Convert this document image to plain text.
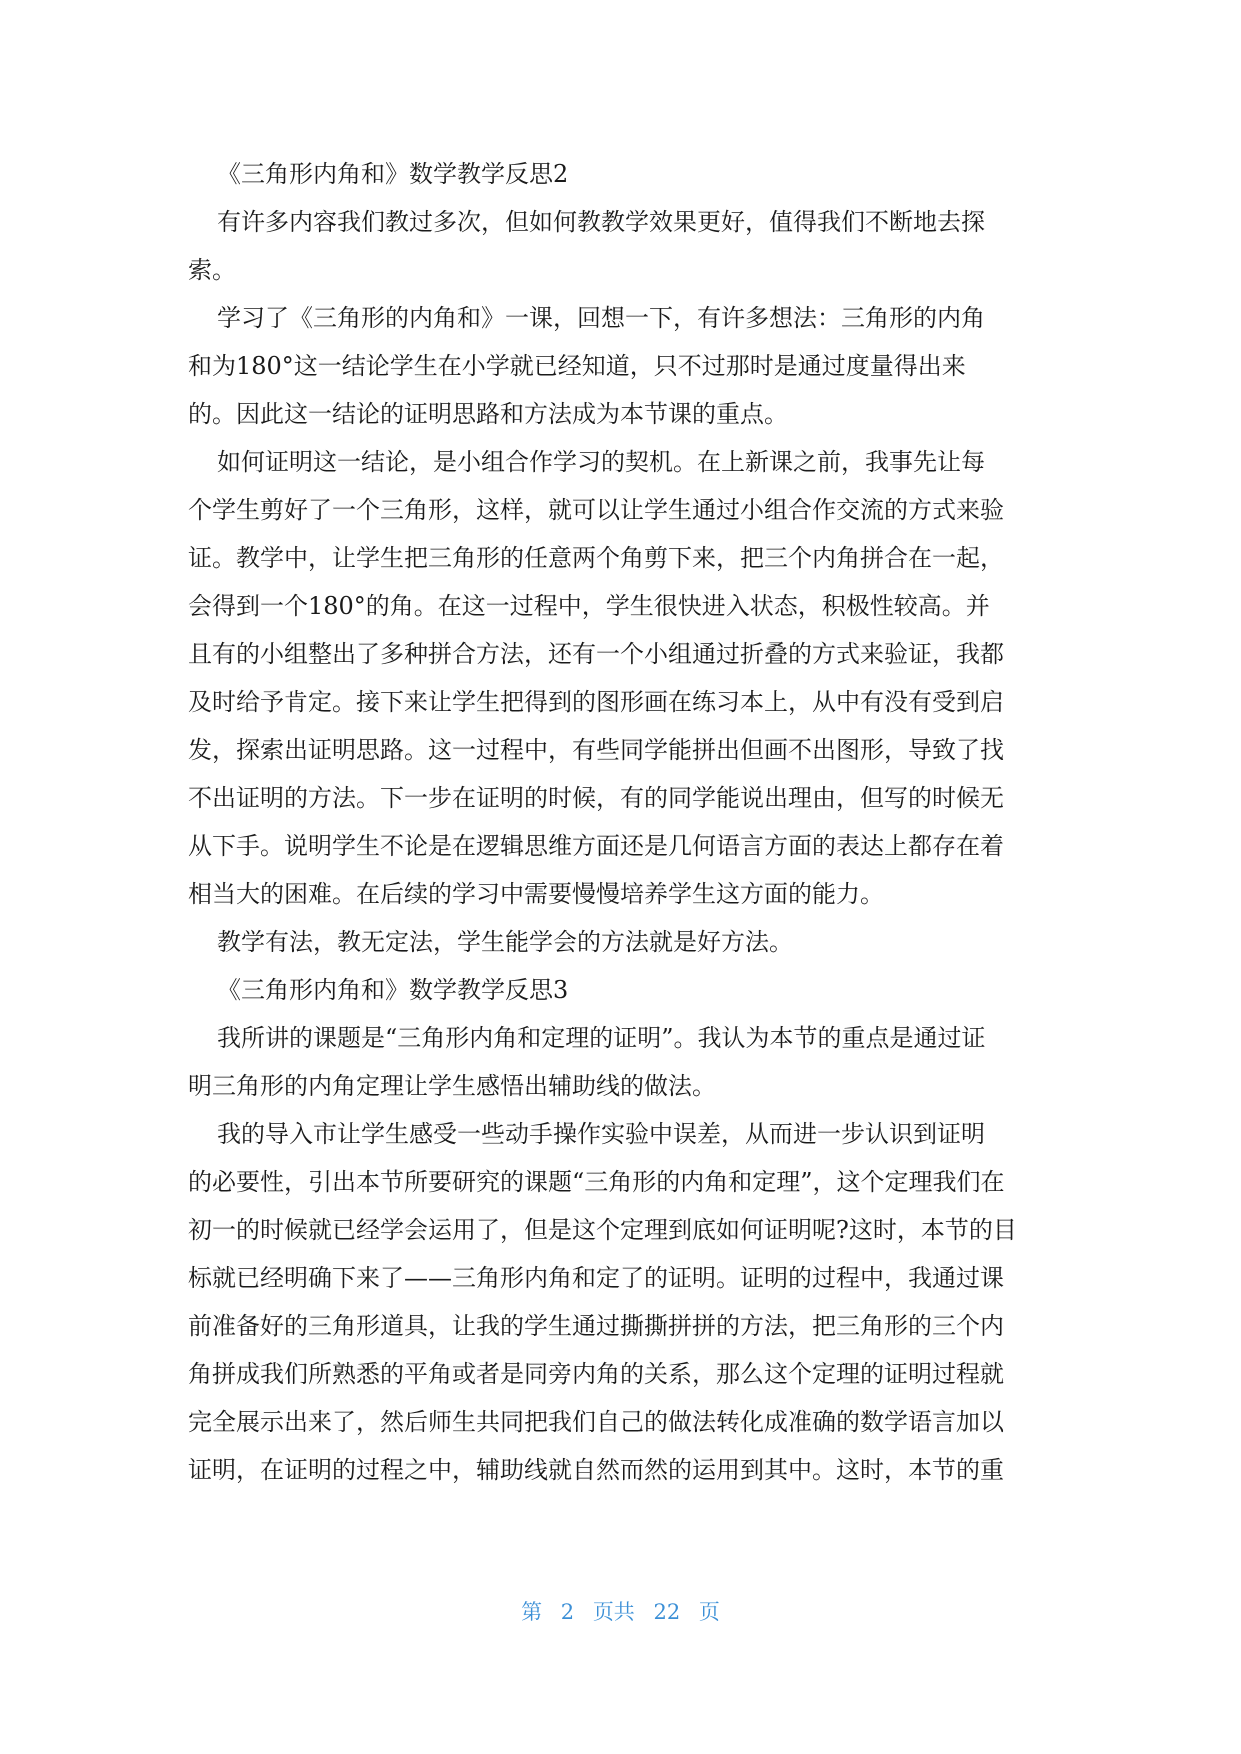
《三角形内角和》数学教学反思2
有许多内容我们教过多次，但如何教教学效果更好，值得我们不断地去探
索。
学习了《三角形的内角和》一课，回想一下，有许多想法：三角形的内角
和为180°这一结论学生在小学就已经知道，只不过那时是通过度量得出来
的。因此这一结论的证明思路和方法成为本节课的重点。
如何证明这一结论，是小组合作学习的契机。在上新课之前，我事先让每
个学生剪好了一个三角形，这样，就可以让学生通过小组合作交流的方式来验
证。教学中，让学生把三角形的任意两个角剪下来，把三个内角拼合在一起，
会得到一个180°的角。在这一过程中，学生很快进入状态，积极性较高。并
且有的小组整出了多种拼合方法，还有一个小组通过折叠的方式来验证，我都
及时给予肯定。接下来让学生把得到的图形画在练习本上，从中有没有受到启
发，探索出证明思路。这一过程中，有些同学能拼出但画不出图形，导致了找
不出证明的方法。下一步在证明的时候，有的同学能说出理由，但写的时候无
从下手。说明学生不论是在逻辑思维方面还是几何语言方面的表达上都存在着
相当大的困难。在后续的学习中需要慢慢培养学生这方面的能力。
教学有法，教无定法，学生能学会的方法就是好方法。
《三角形内角和》数学教学反思3
我所讲的课题是“三角形内角和定理的证明”。我认为本节的重点是通过证
明三角形的内角定理让学生感悟出辅助线的做法。
我的导入市让学生感受一些动手操作实验中误差，从而进一步认识到证明
的必要性，引出本节所要研究的课题“三角形的内角和定理”，这个定理我们在
初一的时候就已经学会运用了，但是这个定理到底如何证明呢?这时，本节的目
标就已经明确下来了——三角形内角和定了的证明。证明的过程中，我通过课
前准备好的三角形道具，让我的学生通过撕撕拼拼的方法，把三角形的三个内
角拼成我们所熟悉的平角或者是同旁内角的关系，那么这个定理的证明过程就
完全展示出来了，然后师生共同把我们自己的做法转化成准确的数学语言加以
证明，在证明的过程之中，辅助线就自然而然的运用到其中。这时，本节的重
第 2 页共 22 页
